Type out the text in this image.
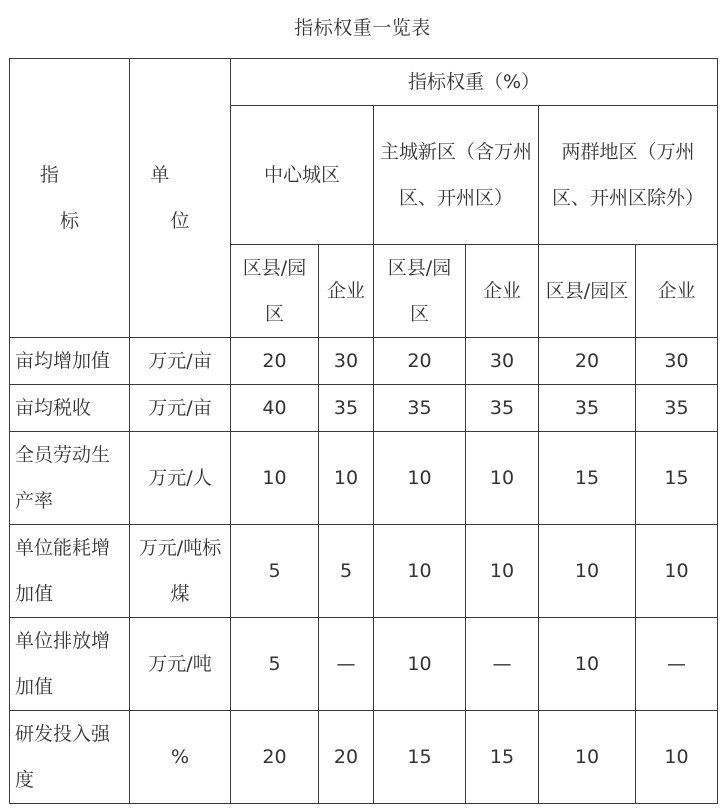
指标权重一览表
指  标	单  位	指标权重（%）					
		中心城区		主城新区（含万州区、开州区）		两群地区（万州区、开州区除外）	
		区县/园区	企业	区县/园区	企业	区县/园区	企业
亩均增加值	万元/亩	20	30	20	30	20	30
亩均税收	万元/亩	40	35	35	35	35	35
全员劳动生产率	万元/人	10	10	10	10	15	15
单位能耗增加值	万元/吨标煤	5	5	10	10	10	10
单位排放增加值	万元/吨	5	—	10	—	10	—
研发投入强度	%	20	20	15	15	10	10
